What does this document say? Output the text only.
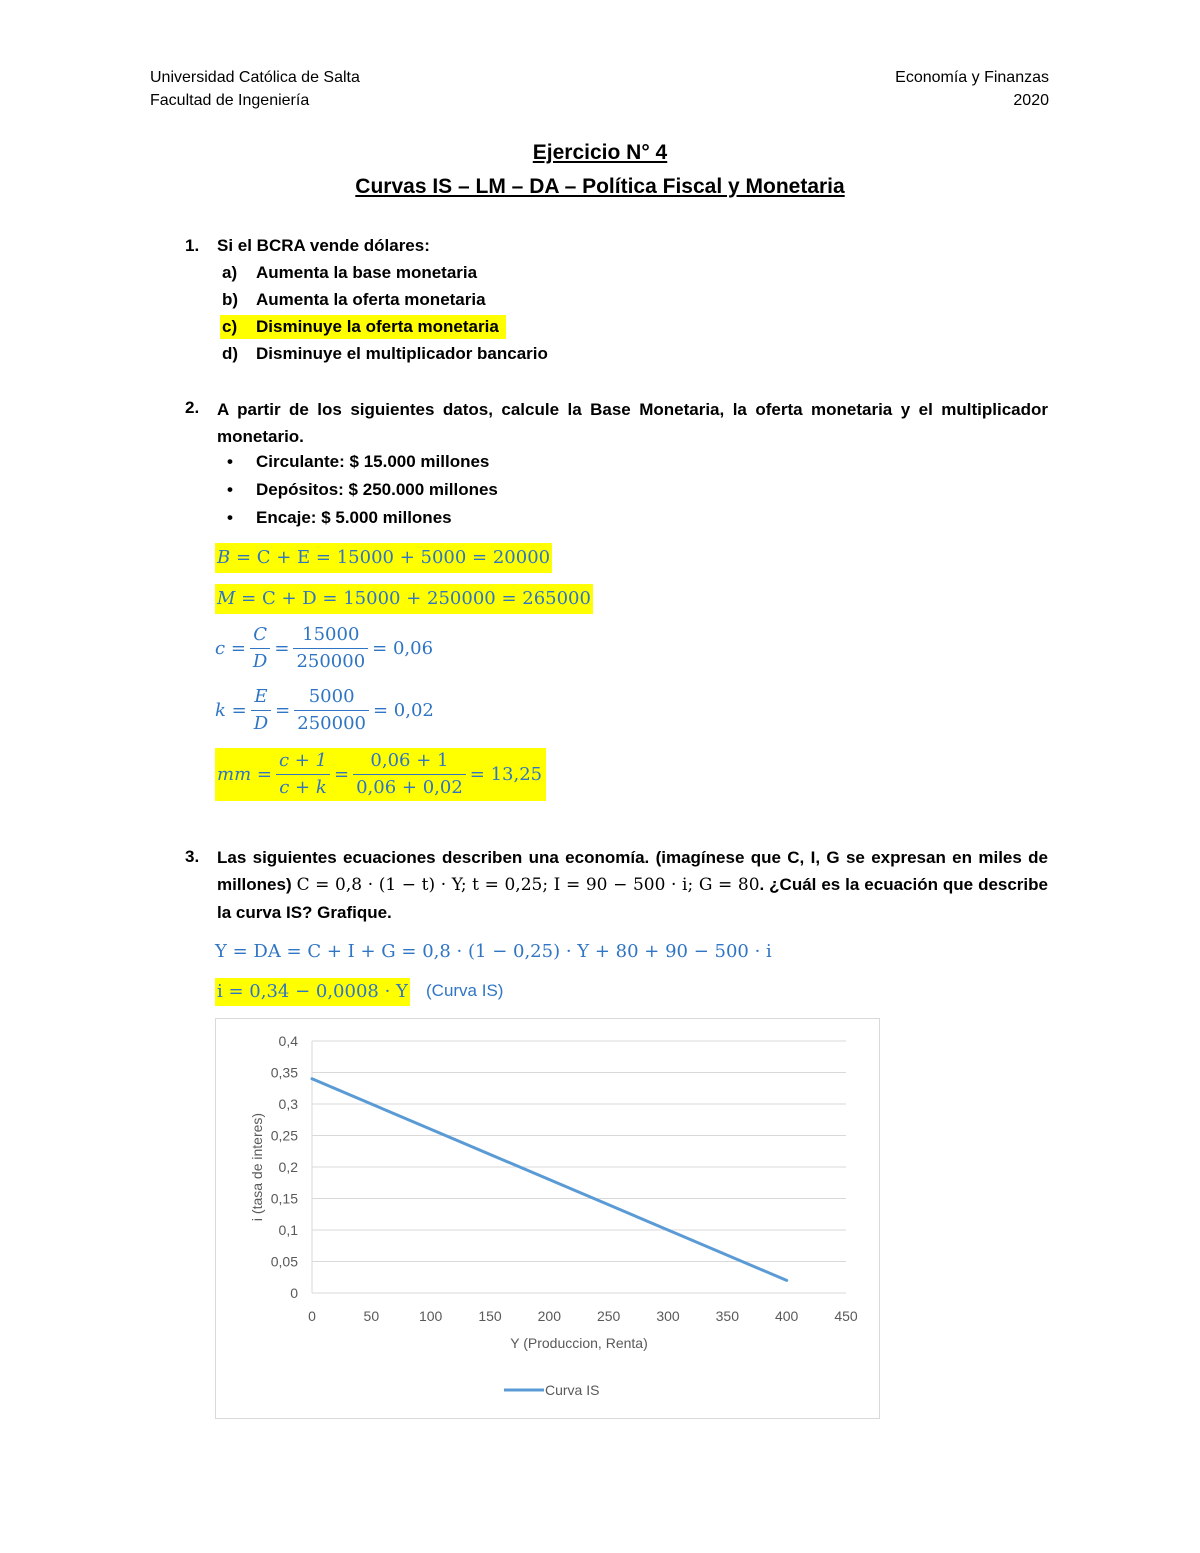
Universidad Católica de Salta
Facultad de Ingeniería
Economía y Finanzas
2020
Ejercicio N° 4
Curvas IS – LM – DA – Política Fiscal y Monetaria
1. Si el BCRA vende dólares:
a) Aumenta la base monetaria
b) Aumenta la oferta monetaria
c) Disminuye la oferta monetaria
d) Disminuye el multiplicador bancario
2. A partir de los siguientes datos, calcule la Base Monetaria, la oferta monetaria y el multiplicador monetario.
• Circulante: $ 15.000 millones
• Depósitos: $ 250.000 millones
• Encaje: $ 5.000 millones
B = C + E = 15000 + 5000 = 20000
M = C + D = 15000 + 250000 = 265000
$c = \frac{C}{D} = \frac{15000}{250000} = 0,06$
$k = \frac{E}{D} = \frac{5000}{250000} = 0,02$
mm = $\frac{c + 1}{c + k} = \frac{0,06 + 1}{0,06 + 0,02} = 13,25$
3. Las siguientes ecuaciones describen una economía. (imagínese que C, I, G se expresan en miles de millones) C = 0,8 · (1 − t) · Y; t = 0,25; I = 90 − 500 · i; G = 80. ¿Cuál es la ecuación que describe la curva IS? Grafique.
Y = DA = C + I + G = 0,8 · (1 − 0,25) · Y + 80 + 90 − 500 · i
i = 0,34 − 0,0008 · Y (Curva IS)
0
0,05
0,1
0,15
0,2
0,25
0,3
0,35
0,4
0	50	100	150	200	250	300	350	400	450
Y (Produccion, Renta)
i (tasa de interes)
Curva IS
